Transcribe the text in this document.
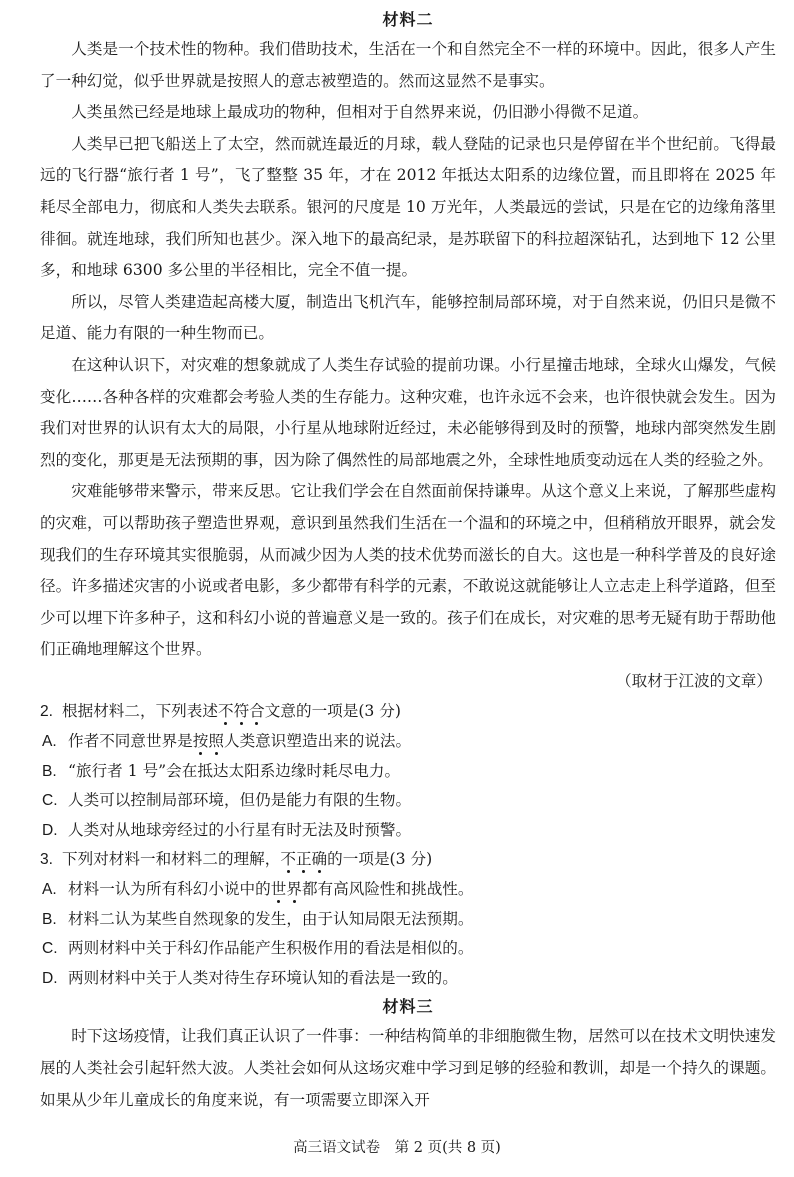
材料二

人类是一个技术性的物种。我们借助技术，生活在一个和自然完全不一样的环境中。因此，很多人产生了一种幻觉，似乎世界就是按照人的意志被塑造的。然而这显然不是事实。

人类虽然已经是地球上最成功的物种，但相对于自然界来说，仍旧渺小得微不足道。

人类早已把飞船送上了太空，然而就连最近的月球，载人登陆的记录也只是停留在半个世纪前。飞得最远的飞行器“旅行者 1 号”，飞了整整 35 年，才在 2012 年抵达太阳系的边缘位置，而且即将在 2025 年耗尽全部电力，彻底和人类失去联系。银河的尺度是 10 万光年，人类最远的尝试，只是在它的边缘角落里徘徊。就连地球，我们所知也甚少。深入地下的最高纪录，是苏联留下的科拉超深钻孔，达到地下 12 公里多，和地球 6300 多公里的半径相比，完全不值一提。

所以，尽管人类建造起高楼大厦，制造出飞机汽车，能够控制局部环境，对于自然来说，仍旧只是微不足道、能力有限的一种生物而已。

在这种认识下，对灾难的想象就成了人类生存试验的提前功课。小行星撞击地球，全球火山爆发，气候变化……各种各样的灾难都会考验人类的生存能力。这种灾难，也许永远不会来，也许很快就会发生。因为我们对世界的认识有太大的局限，小行星从地球附近经过，未必能够得到及时的预警，地球内部突然发生剧烈的变化，那更是无法预期的事，因为除了偶然性的局部地震之外，全球性地质变动远在人类的经验之外。

灾难能够带来警示，带来反思。它让我们学会在自然面前保持谦卑。从这个意义上来说，了解那些虚构的灾难，可以帮助孩子塑造世界观，意识到虽然我们生活在一个温和的环境之中，但稍稍放开眼界，就会发现我们的生存环境其实很脆弱，从而减少因为人类的技术优势而滋长的自大。这也是一种科学普及的良好途径。许多描述灾害的小说或者电影，多少都带有科学的元素，不敢说这就能够让人立志走上科学道路，但至少可以埋下许多种子，这和科幻小说的普遍意义是一致的。孩子们在成长，对灾难的思考无疑有助于帮助他们正确地理解这个世界。

（取材于江波的文章）

2. 根据材料二，下列表述不符合文意的一项是(3 分)

A. 作者不同意世界是按照人类意识塑造出来的说法。

B. “旅行者 1 号”会在抵达太阳系边缘时耗尽电力。

C. 人类可以控制局部环境，但仍是能力有限的生物。

D. 人类对从地球旁经过的小行星有时无法及时预警。

3. 下列对材料一和材料二的理解，不正确的一项是(3 分)

A. 材料一认为所有科幻小说中的世界都有高风险性和挑战性。

B. 材料二认为某些自然现象的发生，由于认知局限无法预期。

C. 两则材料中关于科幻作品能产生积极作用的看法是相似的。

D. 两则材料中关于人类对待生存环境认知的看法是一致的。

材料三

时下这场疫情，让我们真正认识了一件事：一种结构简单的非细胞微生物，居然可以在技术文明快速发展的人类社会引起轩然大波。人类社会如何从这场灾难中学习到足够的经验和教训，却是一个持久的课题。如果从少年儿童成长的角度来说，有一项需要立即深入开

高三语文试卷　第 2 页(共 8 页)
